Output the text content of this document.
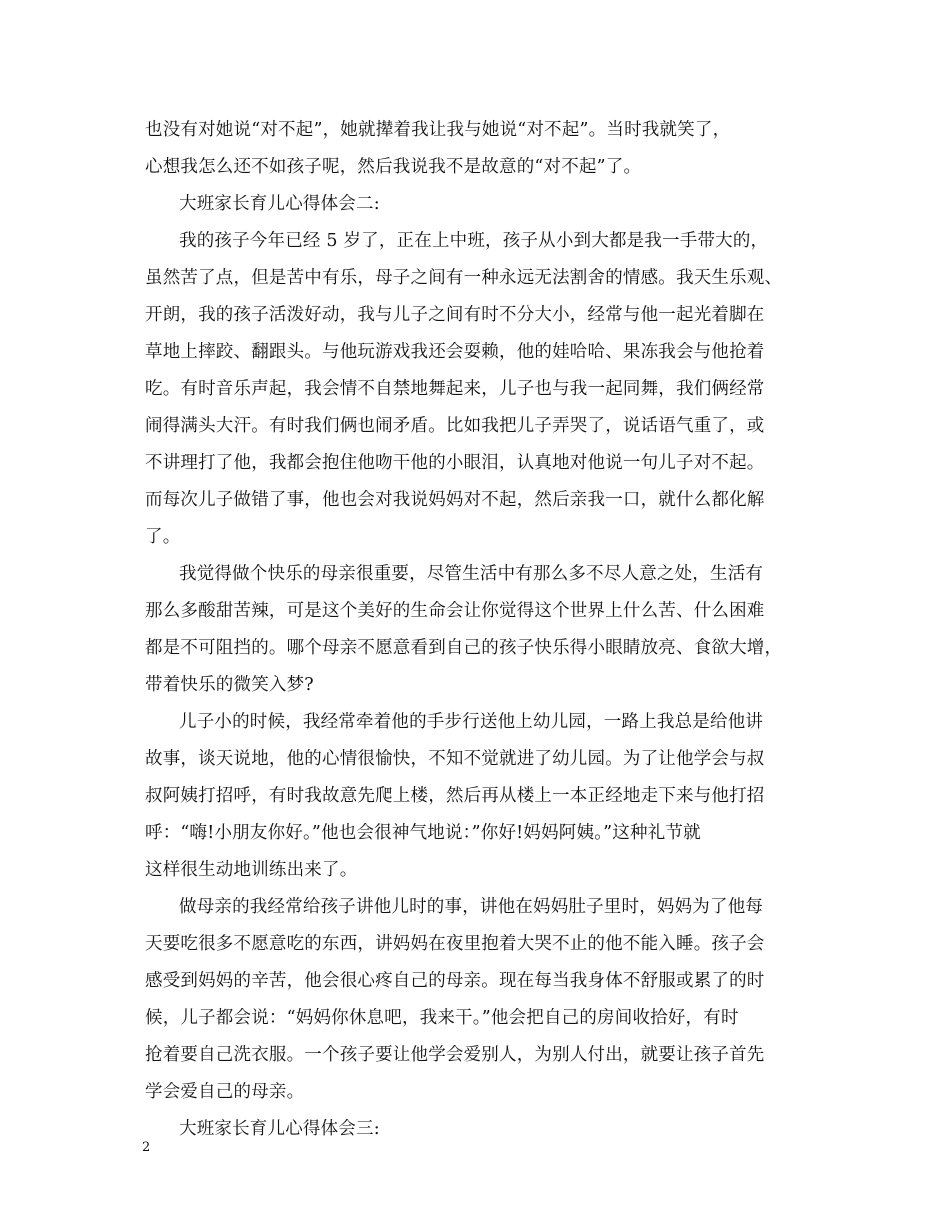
也没有对她说“对不起”，她就撵着我让我与她说“对不起”。当时我就笑了，
心想我怎么还不如孩子呢，然后我说我不是故意的“对不起”了。
大班家长育儿心得体会二:
我的孩子今年已经 5 岁了，正在上中班，孩子从小到大都是我一手带大的，
虽然苦了点，但是苦中有乐，母子之间有一种永远无法割舍的情感。我天生乐观、
开朗，我的孩子活泼好动，我与儿子之间有时不分大小，经常与他一起光着脚在
草地上摔跤、翻跟头。与他玩游戏我还会耍赖，他的娃哈哈、果冻我会与他抢着
吃。有时音乐声起，我会情不自禁地舞起来，儿子也与我一起同舞，我们俩经常
闹得满头大汗。有时我们俩也闹矛盾。比如我把儿子弄哭了，说话语气重了，或
不讲理打了他，我都会抱住他吻干他的小眼泪，认真地对他说一句儿子对不起。
而每次儿子做错了事，他也会对我说妈妈对不起，然后亲我一口，就什么都化解
了。
我觉得做个快乐的母亲很重要，尽管生活中有那么多不尽人意之处，生活有
那么多酸甜苦辣，可是这个美好的生命会让你觉得这个世界上什么苦、什么困难
都是不可阻挡的。哪个母亲不愿意看到自己的孩子快乐得小眼睛放亮、食欲大增，
带着快乐的微笑入梦?
儿子小的时候，我经常牵着他的手步行送他上幼儿园，一路上我总是给他讲
故事，谈天说地，他的心情很愉快，不知不觉就进了幼儿园。为了让他学会与叔
叔阿姨打招呼，有时我故意先爬上楼，然后再从楼上一本正经地走下来与他打招
呼：“嗨!小朋友你好。”他也会很神气地说：”你好!妈妈阿姨。”这种礼节就
这样很生动地训练出来了。
做母亲的我经常给孩子讲他儿时的事，讲他在妈妈肚子里时，妈妈为了他每
天要吃很多不愿意吃的东西，讲妈妈在夜里抱着大哭不止的他不能入睡。孩子会
感受到妈妈的辛苦，他会很心疼自己的母亲。现在每当我身体不舒服或累了的时
候，儿子都会说：“妈妈你休息吧，我来干。”他会把自己的房间收拾好，有时
抢着要自己洗衣服。一个孩子要让他学会爱别人，为别人付出，就要让孩子首先
学会爱自己的母亲。
大班家长育儿心得体会三:
2
